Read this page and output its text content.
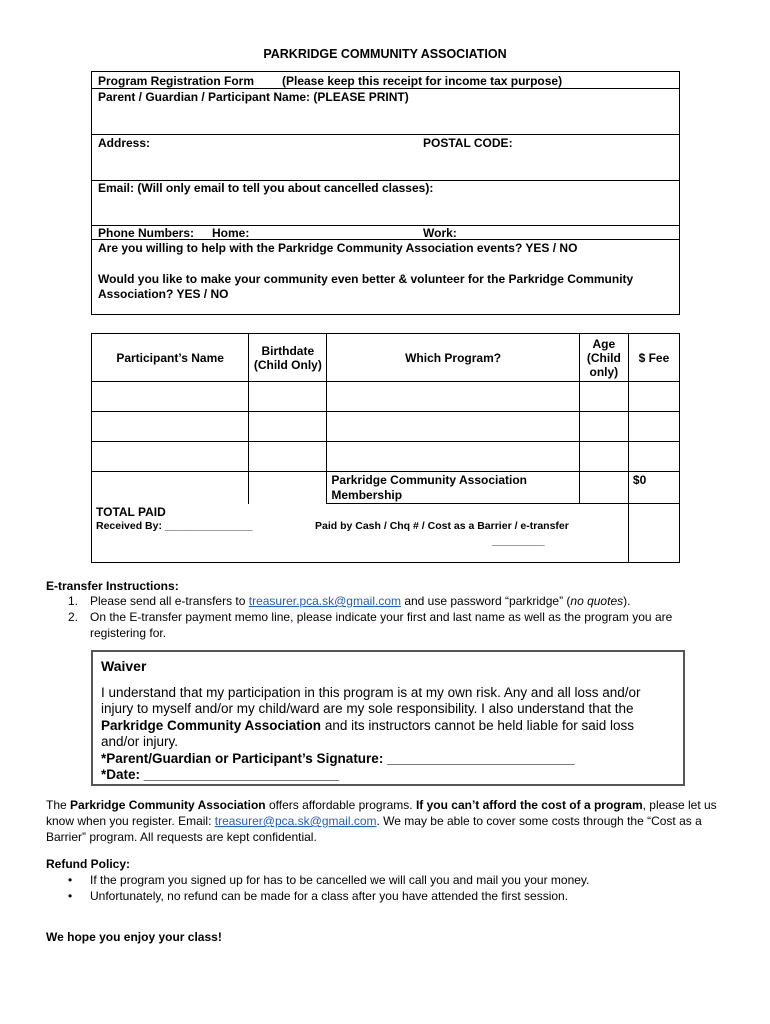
PARKRIDGE COMMUNITY ASSOCIATION
Program Registration Form (Please keep this receipt for income tax purpose)
Parent / Guardian / Participant Name: (PLEASE PRINT)
Address:	POSTAL CODE:
Email: (Will only email to tell you about cancelled classes):
Phone Numbers: Home:	Work:
Are you willing to help with the Parkridge Community Association events? YES / NO
Would you like to make your community even better & volunteer for the Parkridge Community Association? YES / NO
Participant’s Name	Birthdate (Child Only)	Which Program?	Age (Child only)	$ Fee

		Parkridge Community Association Membership		$0

TOTAL PAID
Received By: _______________ Paid by Cash / Chq # / Cost as a Barrier / e-transfer
_________				

E-transfer Instructions:
1. Please send all e-transfers to treasurer.pca.sk@gmail.com and use password “parkridge” (no quotes).
2. On the E-transfer payment memo line, please indicate your first and last name as well as the program you are registering for.
Waiver
I understand that my participation in this program is at my own risk. Any and all loss and/or injury to myself and/or my child/ward are my sole responsibility. I also understand that the Parkridge Community Association and its instructors cannot be held liable for said loss and/or injury.
*Parent/Guardian or Participant’s Signature: _________________________
*Date: __________________________
The Parkridge Community Association offers affordable programs. If you can’t afford the cost of a program, please let us know when you register. Email: treasurer@pca.sk@gmail.com. We may be able to cover some costs through the “Cost as a Barrier” program. All requests are kept confidential.
Refund Policy:
• If the program you signed up for has to be cancelled we will call you and mail you your money.
• Unfortunately, no refund can be made for a class after you have attended the first session.
We hope you enjoy your class!
